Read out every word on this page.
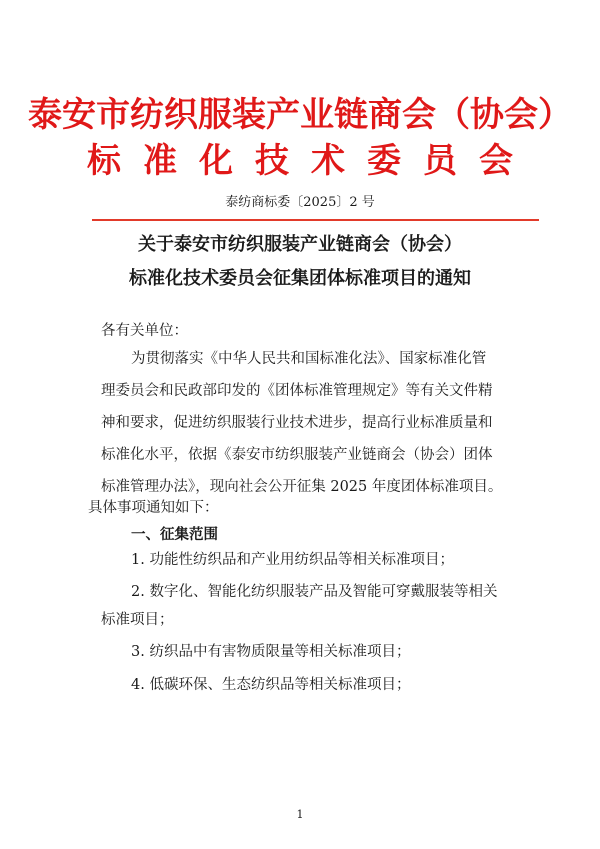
泰安市纺织服装产业链商会（协会）
标准化技术委员会
泰纺商标委〔2025〕2 号
关于泰安市纺织服装产业链商会（协会）
标准化技术委员会征集团体标准项目的通知
各有关单位：
为贯彻落实《中华人民共和国标准化法》、国家标准化管
理委员会和民政部印发的《团体标准管理规定》等有关文件精
神和要求，促进纺织服装行业技术进步，提高行业标准质量和
标准化水平，依据《泰安市纺织服装产业链商会（协会）团体
标准管理办法》，现向社会公开征集 2025 年度团体标准项目。
具体事项通知如下：
一、征集范围
1. 功能性纺织品和产业用纺织品等相关标准项目；
2. 数字化、智能化纺织服装产品及智能可穿戴服装等相关
标准项目；
3. 纺织品中有害物质限量等相关标准项目；
4. 低碳环保、生态纺织品等相关标准项目；
1
